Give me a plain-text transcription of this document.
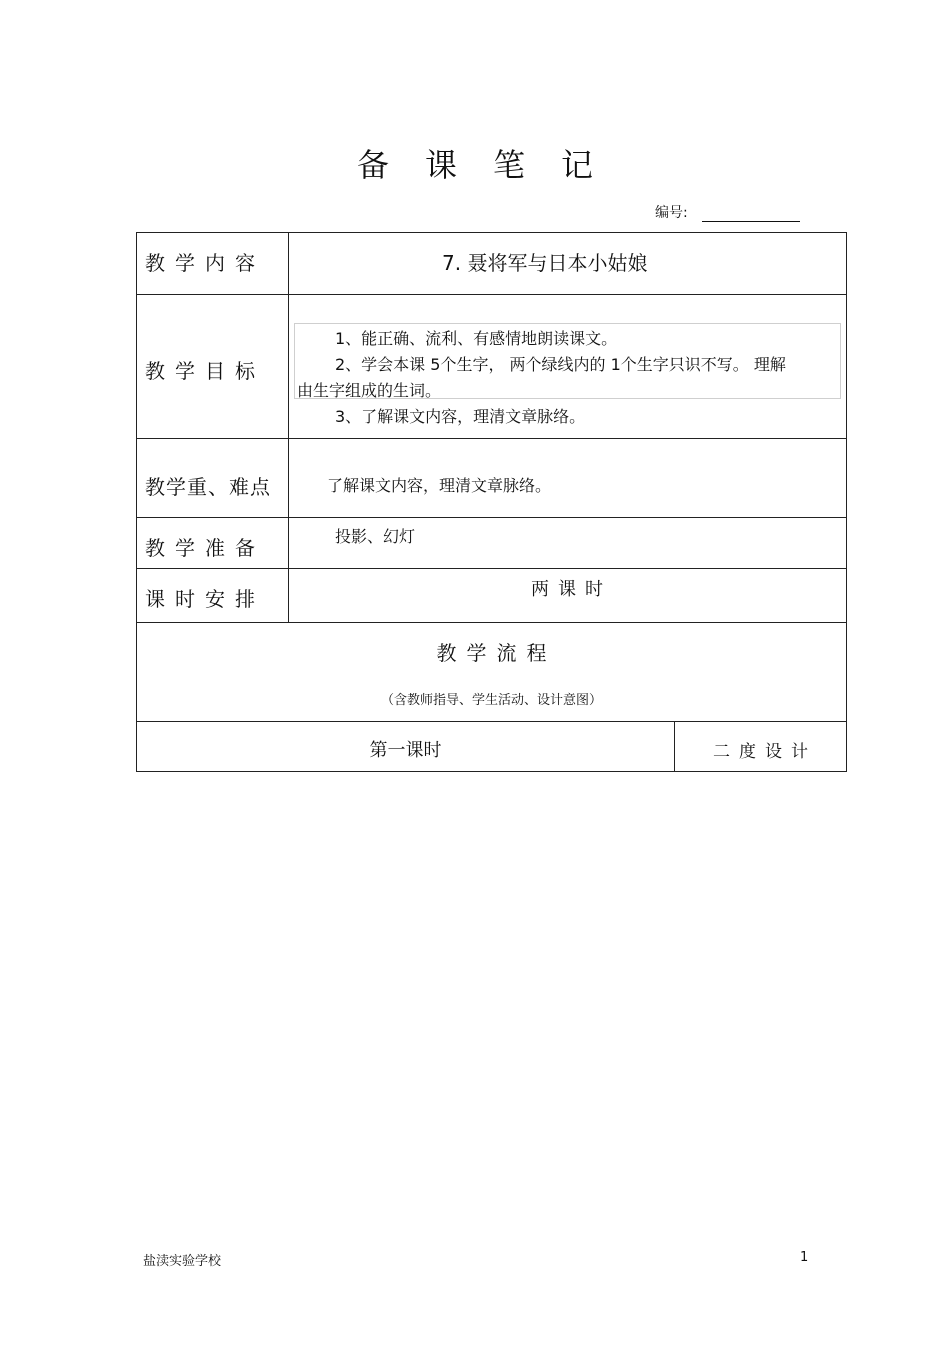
备课笔记
编号:
教学内容	7. 聂将军与日本小姑娘
教学目标
1、能正确、流利、有感情地朗读课文。
2、学会本课 5个生字， 两个绿线内的 1个生字只识不写。 理解
由生字组成的生词。
3、了解课文内容，理清文章脉络。
教学重、难点	了解课文内容，理清文章脉络。
教学准备	投影、幻灯
课时安排	两课时
教学流程
（含教师指导、学生活动、设计意图）
第一课时	二度设计
盐渎实验学校	1
